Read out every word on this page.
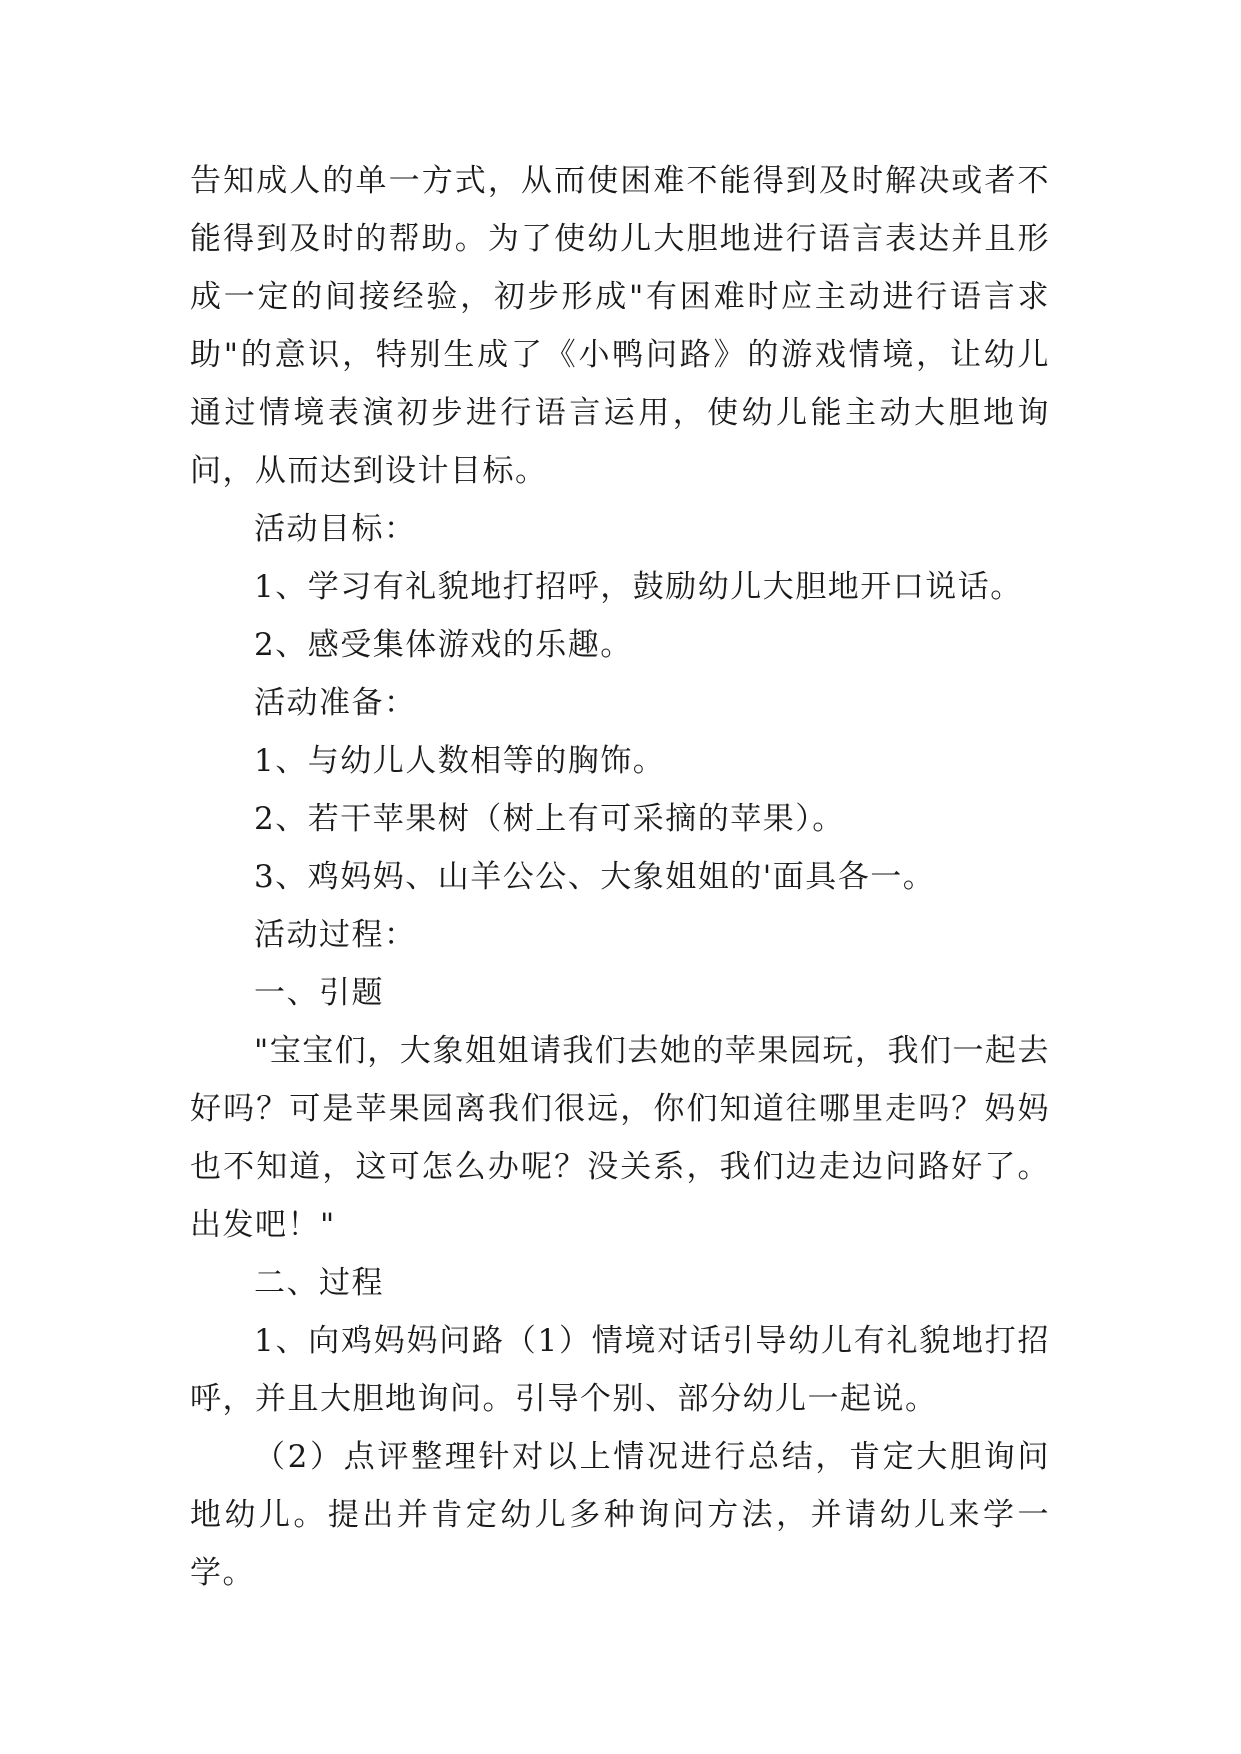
告知成人的单一方式，从而使困难不能得到及时解决或者不能得到及时的帮助。为了使幼儿大胆地进行语言表达并且形成一定的间接经验，初步形成"有困难时应主动进行语言求助"的意识，特别生成了《小鸭问路》的游戏情境，让幼儿通过情境表演初步进行语言运用，使幼儿能主动大胆地询问，从而达到设计目标。

活动目标：

1、学习有礼貌地打招呼，鼓励幼儿大胆地开口说话。

2、感受集体游戏的乐趣。

活动准备：

1、与幼儿人数相等的胸饰。

2、若干苹果树（树上有可采摘的苹果）。

3、鸡妈妈、山羊公公、大象姐姐的'面具各一。

活动过程：

一、引题

"宝宝们，大象姐姐请我们去她的苹果园玩，我们一起去好吗？可是苹果园离我们很远，你们知道往哪里走吗？妈妈也不知道，这可怎么办呢？没关系，我们边走边问路好了。出发吧！"

二、过程

1、向鸡妈妈问路（1）情境对话引导幼儿有礼貌地打招呼，并且大胆地询问。引导个别、部分幼儿一起说。

（2）点评整理针对以上情况进行总结，肯定大胆询问地幼儿。提出并肯定幼儿多种询问方法，并请幼儿来学一学。
